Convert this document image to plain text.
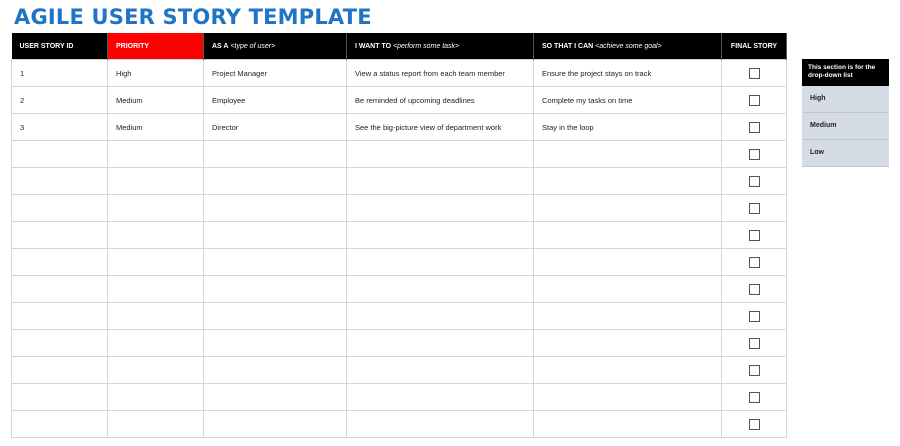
AGILE USER STORY TEMPLATE
USER STORY ID	PRIORITY	AS A <type of user>	I WANT TO <perform some task>	SO THAT I CAN <achieve some goal>	FINAL STORY
1	High	Project Manager	View a status report from each team member	Ensure the project stays on track	
2	Medium	Employee	Be reminded of upcoming deadlines	Complete my tasks on time	
3	Medium	Director	See the big-picture view of department work	Stay in the loop	

This section is for the drop-down list
High
Medium
Low
